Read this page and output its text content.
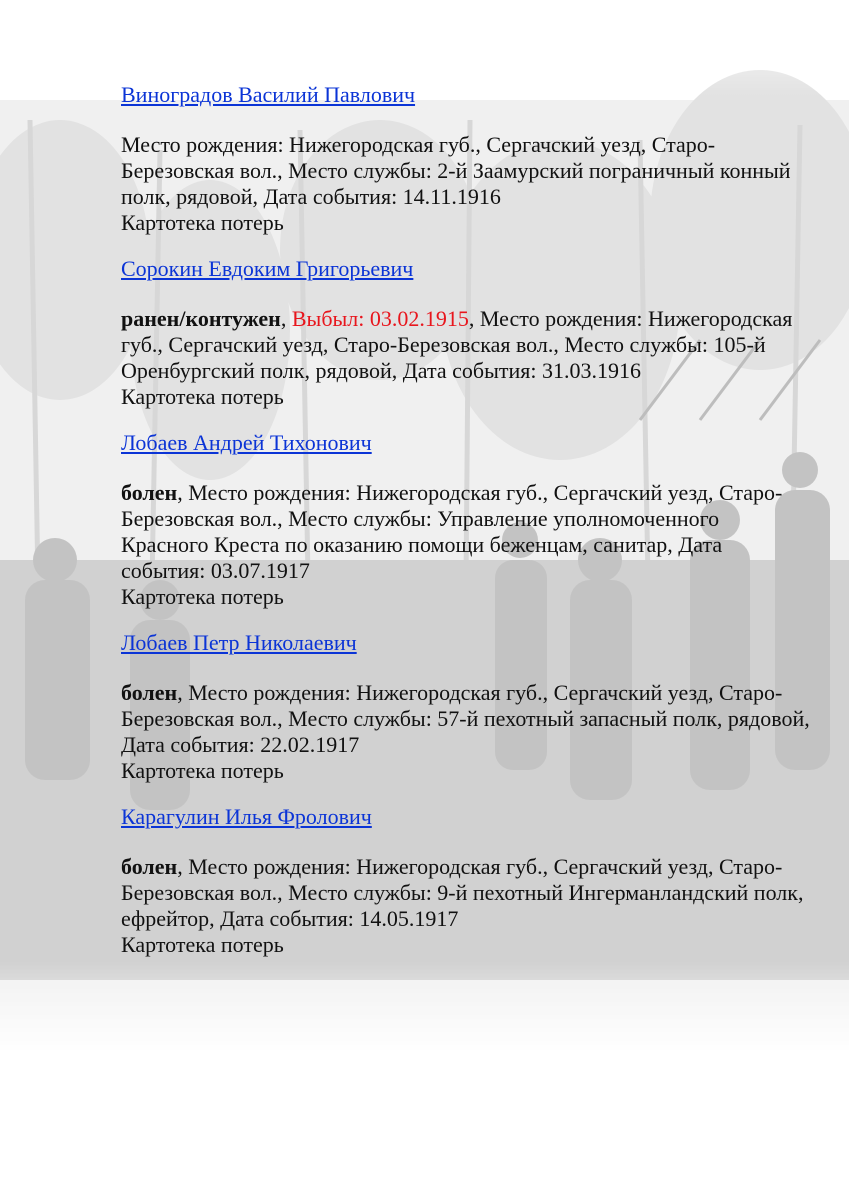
Виноградов Василий Павлович
Место рождения: Нижегородская губ., Сергачский уезд, Старо-Березовская вол., Место службы: 2-й Заамурский пограничный конный полк, рядовой, Дата события: 14.11.1916
Картотека потерь
Сорокин Евдоким Григорьевич
ранен/контужен, Выбыл: 03.02.1915, Место рождения: Нижегородская губ., Сергачский уезд, Старо-Березовская вол., Место службы: 105-й Оренбургский полк, рядовой, Дата события: 31.03.1916
Картотека потерь
Лобаев Андрей Тихонович
болен, Место рождения: Нижегородская губ., Сергачский уезд, Старо-Березовская вол., Место службы: Управление уполномоченного Красного Креста по оказанию помощи беженцам, санитар, Дата события: 03.07.1917
Картотека потерь
Лобаев Петр Николаевич
болен, Место рождения: Нижегородская губ., Сергачский уезд, Старо-Березовская вол., Место службы: 57-й пехотный запасный полк, рядовой, Дата события: 22.02.1917
Картотека потерь
Карагулин Илья Фролович
болен, Место рождения: Нижегородская губ., Сергачский уезд, Старо-Березовская вол., Место службы: 9-й пехотный Ингерманландский полк, ефрейтор, Дата события: 14.05.1917
Картотека потерь
